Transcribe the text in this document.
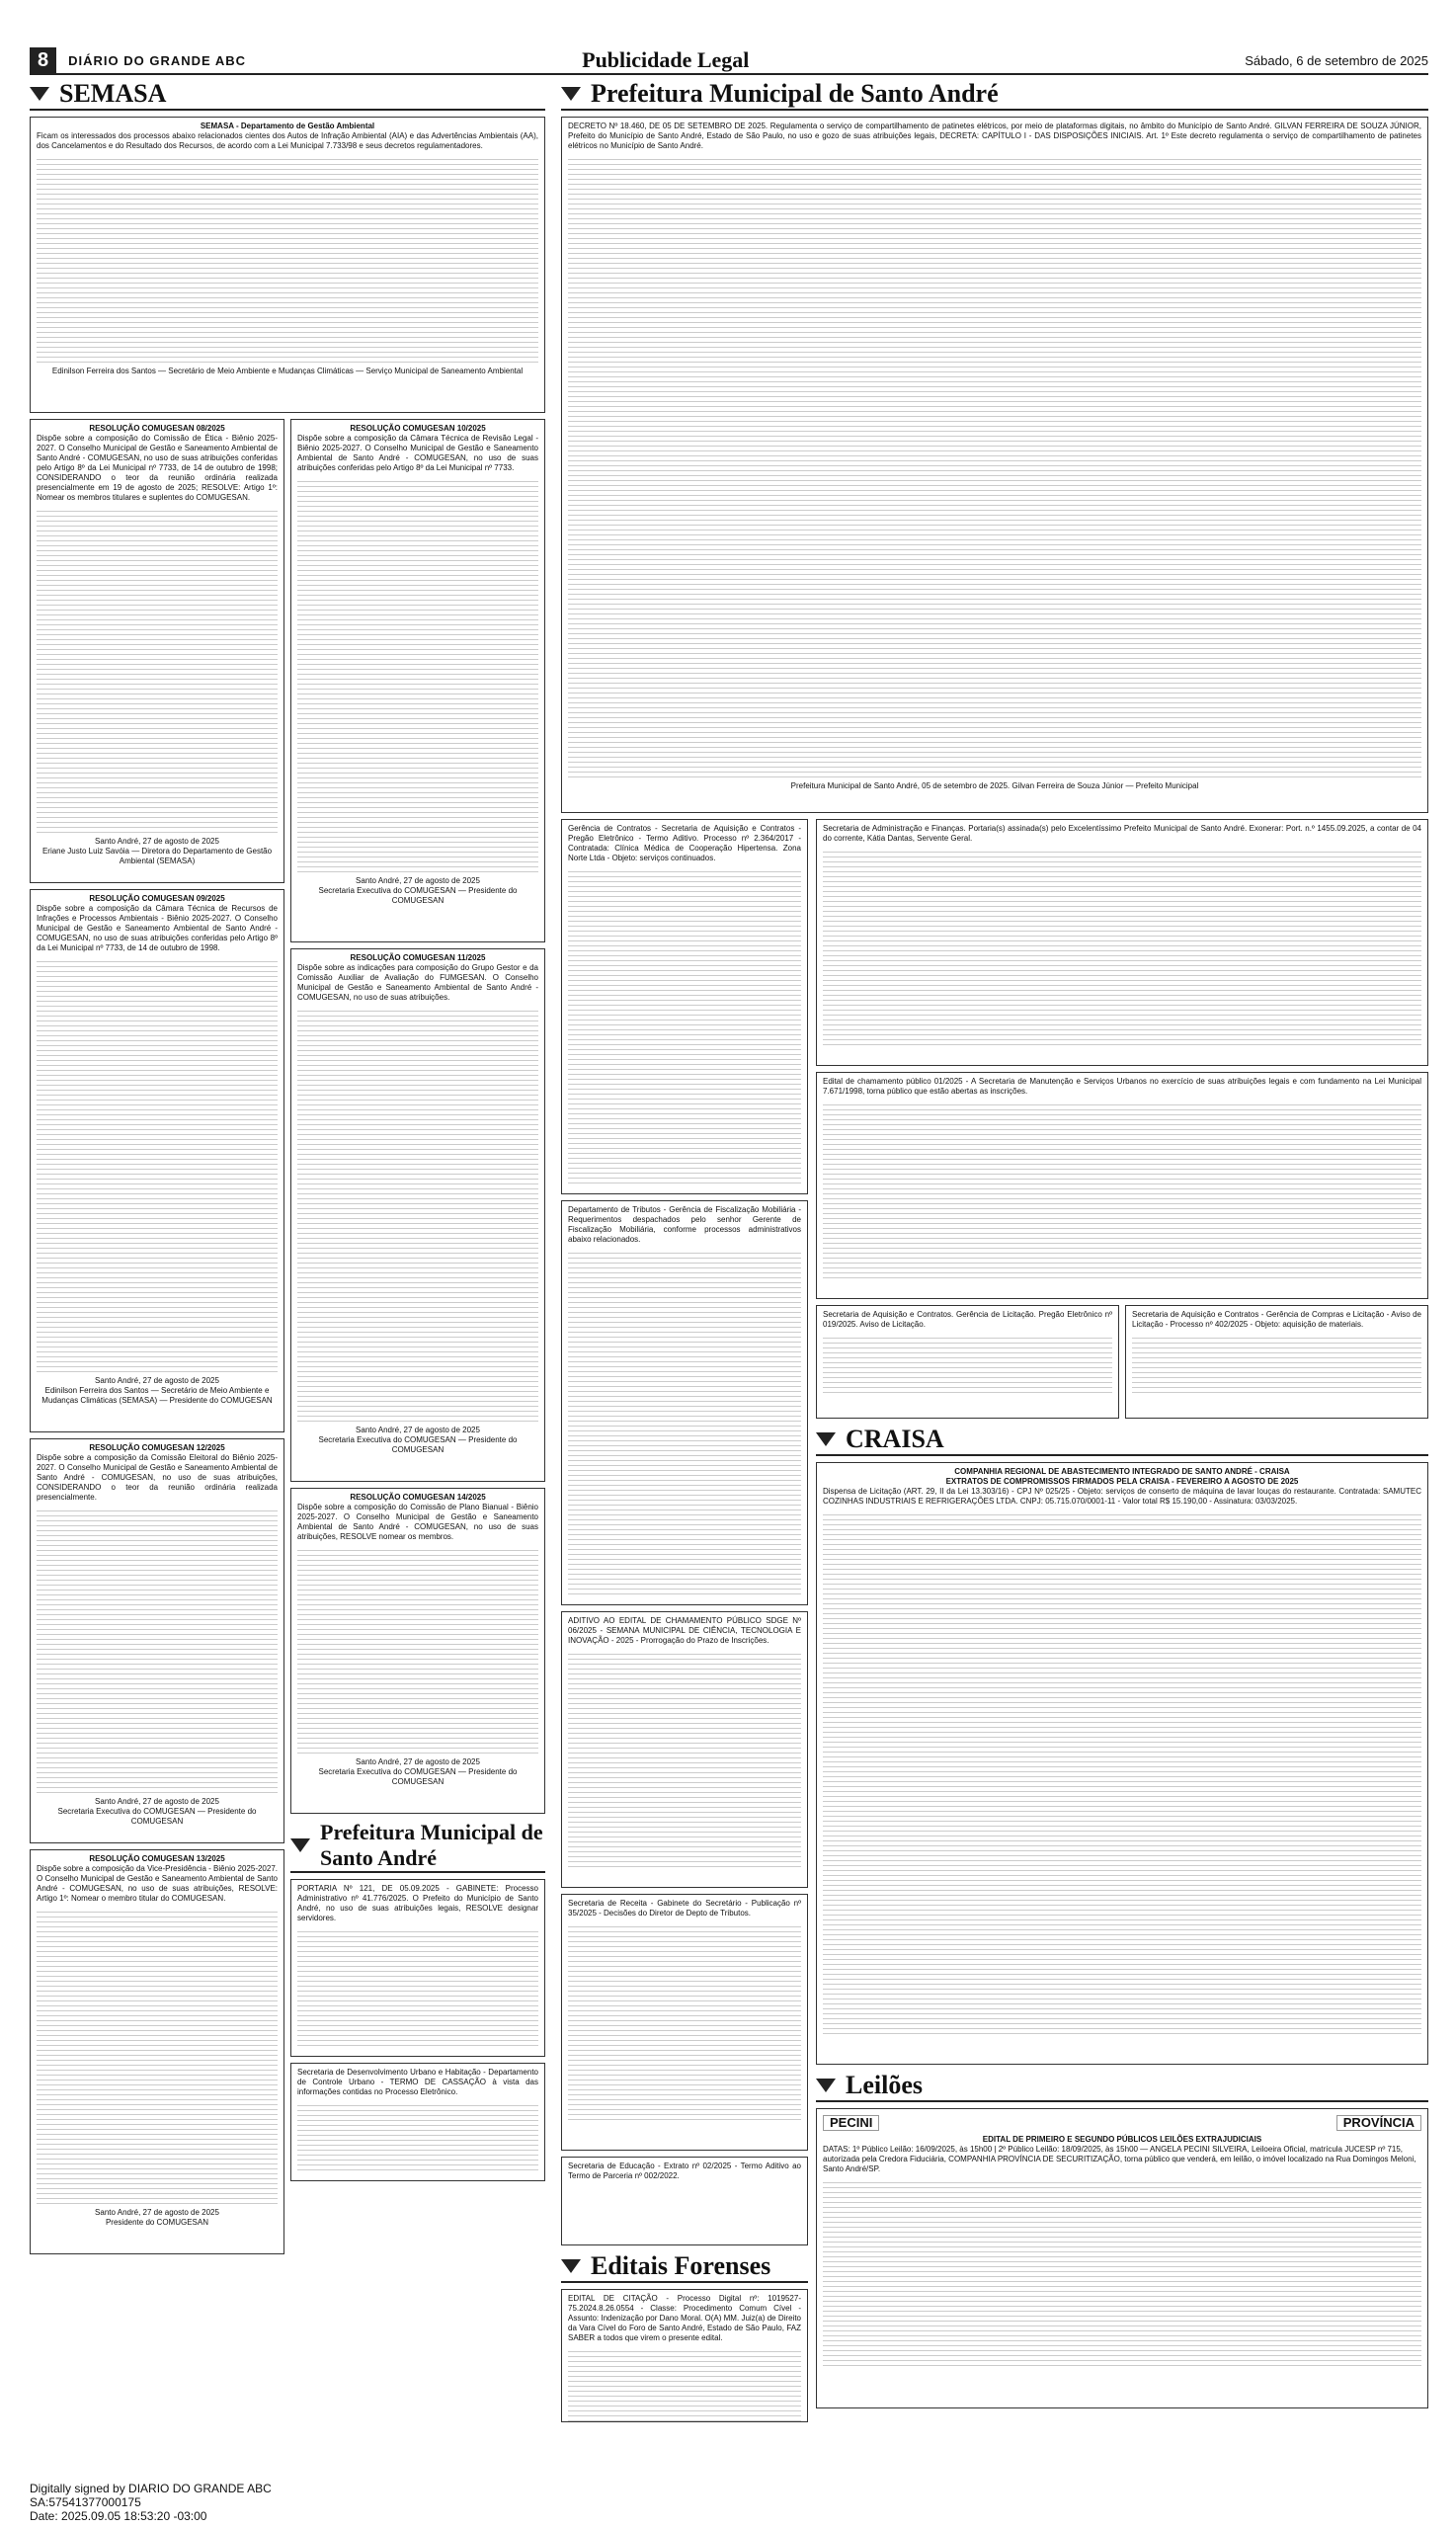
8	DIÁRIO DO GRANDE ABC	Publicidade Legal	Sábado, 6 de setembro de 2025
SEMASA
SEMASA - Departamento de Gestão Ambiental
Ficam os interessados dos processos abaixo relacionados cientes dos Autos de Infração Ambiental (AIA) e das Advertências Ambientais (AA), dos Cancelamentos e do Resultado dos Recursos, de acordo com a Lei Municipal 7.733/98 e seus decretos regulamentadores.
Edinilson Ferreira dos Santos — Secretário de Meio Ambiente e Mudanças Climáticas — Serviço Municipal de Saneamento Ambiental
RESOLUÇÃO COMUGESAN 08/2025
Dispõe sobre a composição do Comissão de Ética - Biênio 2025-2027. O Conselho Municipal de Gestão e Saneamento Ambiental de Santo André - COMUGESAN, no uso de suas atribuições conferidas pelo Artigo 8º da Lei Municipal nº 7733, de 14 de outubro de 1998; CONSIDERANDO o teor da reunião ordinária realizada presencialmente em 19 de agosto de 2025; RESOLVE: Artigo 1º: Nomear os membros titulares e suplentes do COMUGESAN.
Santo André, 27 de agosto de 2025
Eriane Justo Luiz Savóia — Diretora do Departamento de Gestão Ambiental (SEMASA)
RESOLUÇÃO COMUGESAN 09/2025
Dispõe sobre a composição da Câmara Técnica de Recursos de Infrações e Processos Ambientais - Biênio 2025-2027. O Conselho Municipal de Gestão e Saneamento Ambiental de Santo André - COMUGESAN, no uso de suas atribuições conferidas pelo Artigo 8º da Lei Municipal nº 7733, de 14 de outubro de 1998.
Santo André, 27 de agosto de 2025
Edinilson Ferreira dos Santos — Secretário de Meio Ambiente e Mudanças Climáticas (SEMASA) — Presidente do COMUGESAN
RESOLUÇÃO COMUGESAN 12/2025
Dispõe sobre a composição da Comissão Eleitoral do Biênio 2025-2027. O Conselho Municipal de Gestão e Saneamento Ambiental de Santo André - COMUGESAN, no uso de suas atribuições, CONSIDERANDO o teor da reunião ordinária realizada presencialmente.
Santo André, 27 de agosto de 2025
Secretaria Executiva do COMUGESAN — Presidente do COMUGESAN
RESOLUÇÃO COMUGESAN 13/2025
Dispõe sobre a composição da Vice-Presidência - Biênio 2025-2027. O Conselho Municipal de Gestão e Saneamento Ambiental de Santo André - COMUGESAN, no uso de suas atribuições, RESOLVE: Artigo 1º: Nomear o membro titular do COMUGESAN.
Santo André, 27 de agosto de 2025
Presidente do COMUGESAN
RESOLUÇÃO COMUGESAN 10/2025
Dispõe sobre a composição da Câmara Técnica de Revisão Legal - Biênio 2025-2027. O Conselho Municipal de Gestão e Saneamento Ambiental de Santo André - COMUGESAN, no uso de suas atribuições conferidas pelo Artigo 8º da Lei Municipal nº 7733.
Santo André, 27 de agosto de 2025
Secretaria Executiva do COMUGESAN — Presidente do COMUGESAN
RESOLUÇÃO COMUGESAN 11/2025
Dispõe sobre as indicações para composição do Grupo Gestor e da Comissão Auxiliar de Avaliação do FUMGESAN. O Conselho Municipal de Gestão e Saneamento Ambiental de Santo André - COMUGESAN, no uso de suas atribuições.
Santo André, 27 de agosto de 2025
Secretaria Executiva do COMUGESAN — Presidente do COMUGESAN
RESOLUÇÃO COMUGESAN 14/2025
Dispõe sobre a composição do Comissão de Plano Bianual - Biênio 2025-2027. O Conselho Municipal de Gestão e Saneamento Ambiental de Santo André - COMUGESAN, no uso de suas atribuições, RESOLVE nomear os membros.
Santo André, 27 de agosto de 2025
Secretaria Executiva do COMUGESAN — Presidente do COMUGESAN
Prefeitura Municipal de Santo André
PORTARIA Nº 121, DE 05.09.2025 - GABINETE: Processo Administrativo nº 41.776/2025. O Prefeito do Município de Santo André, no uso de suas atribuições legais, RESOLVE designar servidores.
Secretaria de Desenvolvimento Urbano e Habitação - Departamento de Controle Urbano - TERMO DE CASSAÇÃO à vista das informações contidas no Processo Eletrônico.
Prefeitura Municipal de Santo André
DECRETO Nº 18.460, DE 05 DE SETEMBRO DE 2025. Regulamenta o serviço de compartilhamento de patinetes elétricos, por meio de plataformas digitais, no âmbito do Município de Santo André. GILVAN FERREIRA DE SOUZA JÚNIOR, Prefeito do Município de Santo André, Estado de São Paulo, no uso e gozo de suas atribuições legais, DECRETA: CAPÍTULO I - DAS DISPOSIÇÕES INICIAIS. Art. 1º Este decreto regulamenta o serviço de compartilhamento de patinetes elétricos no Município de Santo André.
Prefeitura Municipal de Santo André, 05 de setembro de 2025. Gilvan Ferreira de Souza Júnior — Prefeito Municipal
Gerência de Contratos - Secretaria de Aquisição e Contratos - Pregão Eletrônico - Termo Aditivo. Processo nº 2.364/2017 - Contratada: Clínica Médica de Cooperação Hipertensa. Zona Norte Ltda - Objeto: serviços continuados.
Departamento de Tributos - Gerência de Fiscalização Mobiliária - Requerimentos despachados pelo senhor Gerente de Fiscalização Mobiliária, conforme processos administrativos abaixo relacionados.
ADITIVO AO EDITAL DE CHAMAMENTO PÚBLICO SDGE Nº 06/2025 - SEMANA MUNICIPAL DE CIÊNCIA, TECNOLOGIA E INOVAÇÃO - 2025 - Prorrogação do Prazo de Inscrições.
Secretaria de Receita - Gabinete do Secretário - Publicação nº 35/2025 - Decisões do Diretor de Depto de Tributos.
Secretaria de Educação - Extrato nº 02/2025 - Termo Aditivo ao Termo de Parceria nº 002/2022.
Editais Forenses
EDITAL DE CITAÇÃO - Processo Digital nº: 1019527-75.2024.8.26.0554 - Classe: Procedimento Comum Cível - Assunto: Indenização por Dano Moral. O(A) MM. Juiz(a) de Direito da Vara Cível do Foro de Santo André, Estado de São Paulo, FAZ SABER a todos que virem o presente edital.
Secretaria de Administração e Finanças. Portaria(s) assinada(s) pelo Excelentíssimo Prefeito Municipal de Santo André. Exonerar: Port. n.º 1455.09.2025, a contar de 04 do corrente, Kátia Dantas, Servente Geral.
Edital de chamamento público 01/2025 - A Secretaria de Manutenção e Serviços Urbanos no exercício de suas atribuições legais e com fundamento na Lei Municipal 7.671/1998, torna público que estão abertas as inscrições.
Secretaria de Aquisição e Contratos. Gerência de Licitação. Pregão Eletrônico nº 019/2025. Aviso de Licitação.
Secretaria de Aquisição e Contratos - Gerência de Compras e Licitação - Aviso de Licitação - Processo nº 402/2025 - Objeto: aquisição de materiais.
CRAISA
COMPANHIA REGIONAL DE ABASTECIMENTO INTEGRADO DE SANTO ANDRÉ - CRAISA
EXTRATOS DE COMPROMISSOS FIRMADOS PELA CRAISA - FEVEREIRO A AGOSTO DE 2025
Dispensa de Licitação (ART. 29, II da Lei 13.303/16) - CPJ Nº 025/25 - Objeto: serviços de conserto de máquina de lavar louças do restaurante. Contratada: SAMUTEC COZINHAS INDUSTRIAIS E REFRIGERAÇÕES LTDA. CNPJ: 05.715.070/0001-11 - Valor total R$ 15.190,00 - Assinatura: 03/03/2025.
Leilões
PECINI	PROVÍNCIA
EDITAL DE PRIMEIRO E SEGUNDO PÚBLICOS LEILÕES EXTRAJUDICIAIS
DATAS: 1º Público Leilão: 16/09/2025, às 15h00 | 2º Público Leilão: 18/09/2025, às 15h00 — ANGELA PECINI SILVEIRA, Leiloeira Oficial, matrícula JUCESP nº 715, autorizada pela Credora Fiduciária, COMPANHIA PROVÍNCIA DE SECURITIZAÇÃO, torna público que venderá, em leilão, o imóvel localizado na Rua Domingos Meloni, Santo André/SP.
Digitally signed by DIARIO DO GRANDE ABC
SA:57541377000175
Date: 2025.09.05 18:53:20 -03:00
